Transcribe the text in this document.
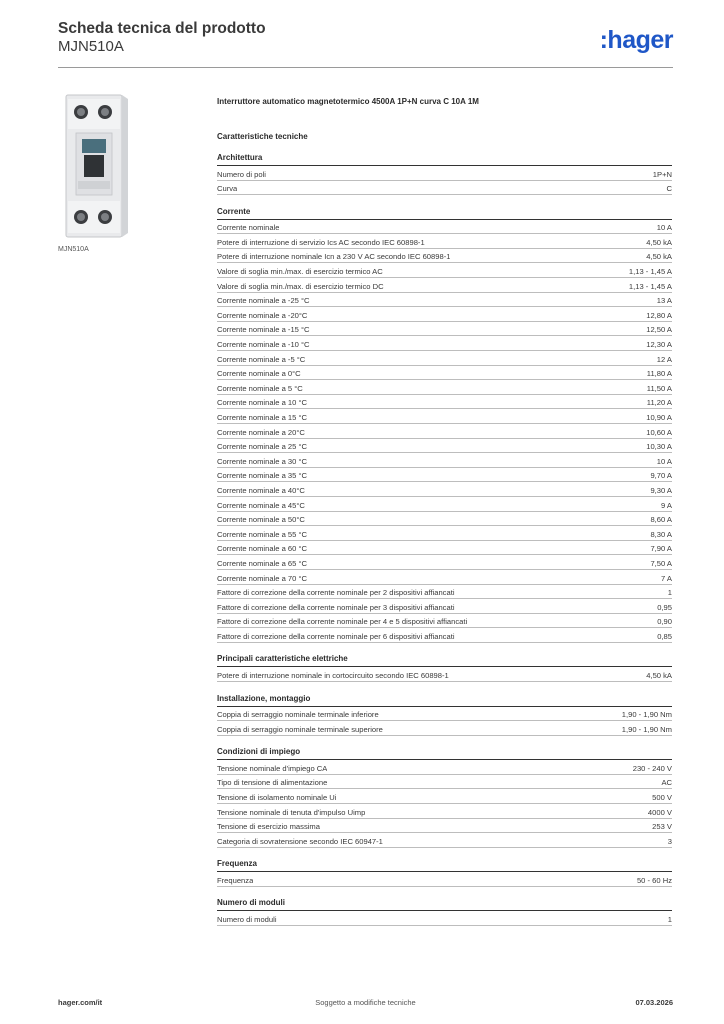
Scheda tecnica del prodotto
MJN510A	:hager
MJN510A
Interruttore automatico magnetotermico 4500A 1P+N curva C 10A 1M
Caratteristiche tecniche
Architettura
Numero di poli	1P+N
Curva	C
Corrente
Corrente nominale	10 A
Potere di interruzione di servizio Ics AC secondo IEC 60898-1	4,50 kA
Potere di interruzione nominale Icn a 230 V AC secondo IEC 60898-1	4,50 kA
Valore di soglia min./max. di esercizio termico AC	1,13 - 1,45 A
Valore di soglia min./max. di esercizio termico DC	1,13 - 1,45 A
Corrente nominale a -25 °C	13 A
Corrente nominale a -20°C	12,80 A
Corrente nominale a -15 °C	12,50 A
Corrente nominale a -10 °C	12,30 A
Corrente nominale a -5 °C	12 A
Corrente nominale a 0°C	11,80 A
Corrente nominale a 5 °C	11,50 A
Corrente nominale a 10 °C	11,20 A
Corrente nominale a 15 °C	10,90 A
Corrente nominale a 20°C	10,60 A
Corrente nominale a 25 °C	10,30 A
Corrente nominale a 30 °C	10 A
Corrente nominale a 35 °C	9,70 A
Corrente nominale a 40°C	9,30 A
Corrente nominale a 45°C	9 A
Corrente nominale a 50°C	8,60 A
Corrente nominale a 55 °C	8,30 A
Corrente nominale a 60 °C	7,90 A
Corrente nominale a 65 °C	7,50 A
Corrente nominale a 70 °C	7 A
Fattore di correzione della corrente nominale per 2 dispositivi affiancati	1
Fattore di correzione della corrente nominale per 3 dispositivi affiancati	0,95
Fattore di correzione della corrente nominale per 4 e 5 dispositivi affiancati	0,90
Fattore di correzione della corrente nominale per 6 dispositivi affiancati	0,85
Principali caratteristiche elettriche
Potere di interruzione nominale in cortocircuito secondo IEC 60898-1	4,50 kA
Installazione, montaggio
Coppia di serraggio nominale terminale inferiore	1,90 - 1,90 Nm
Coppia di serraggio nominale terminale superiore	1,90 - 1,90 Nm
Condizioni di impiego
Tensione nominale d'impiego CA	230 - 240 V
Tipo di tensione di alimentazione	AC
Tensione di isolamento nominale Ui	500 V
Tensione nominale di tenuta d'impulso Uimp	4000 V
Tensione di esercizio massima	253 V
Categoria di sovratensione secondo IEC 60947-1	3
Frequenza
Frequenza	50 - 60 Hz
Numero di moduli
Numero di moduli	1
hager.com/it	Soggetto a modifiche tecniche	07.03.2026
